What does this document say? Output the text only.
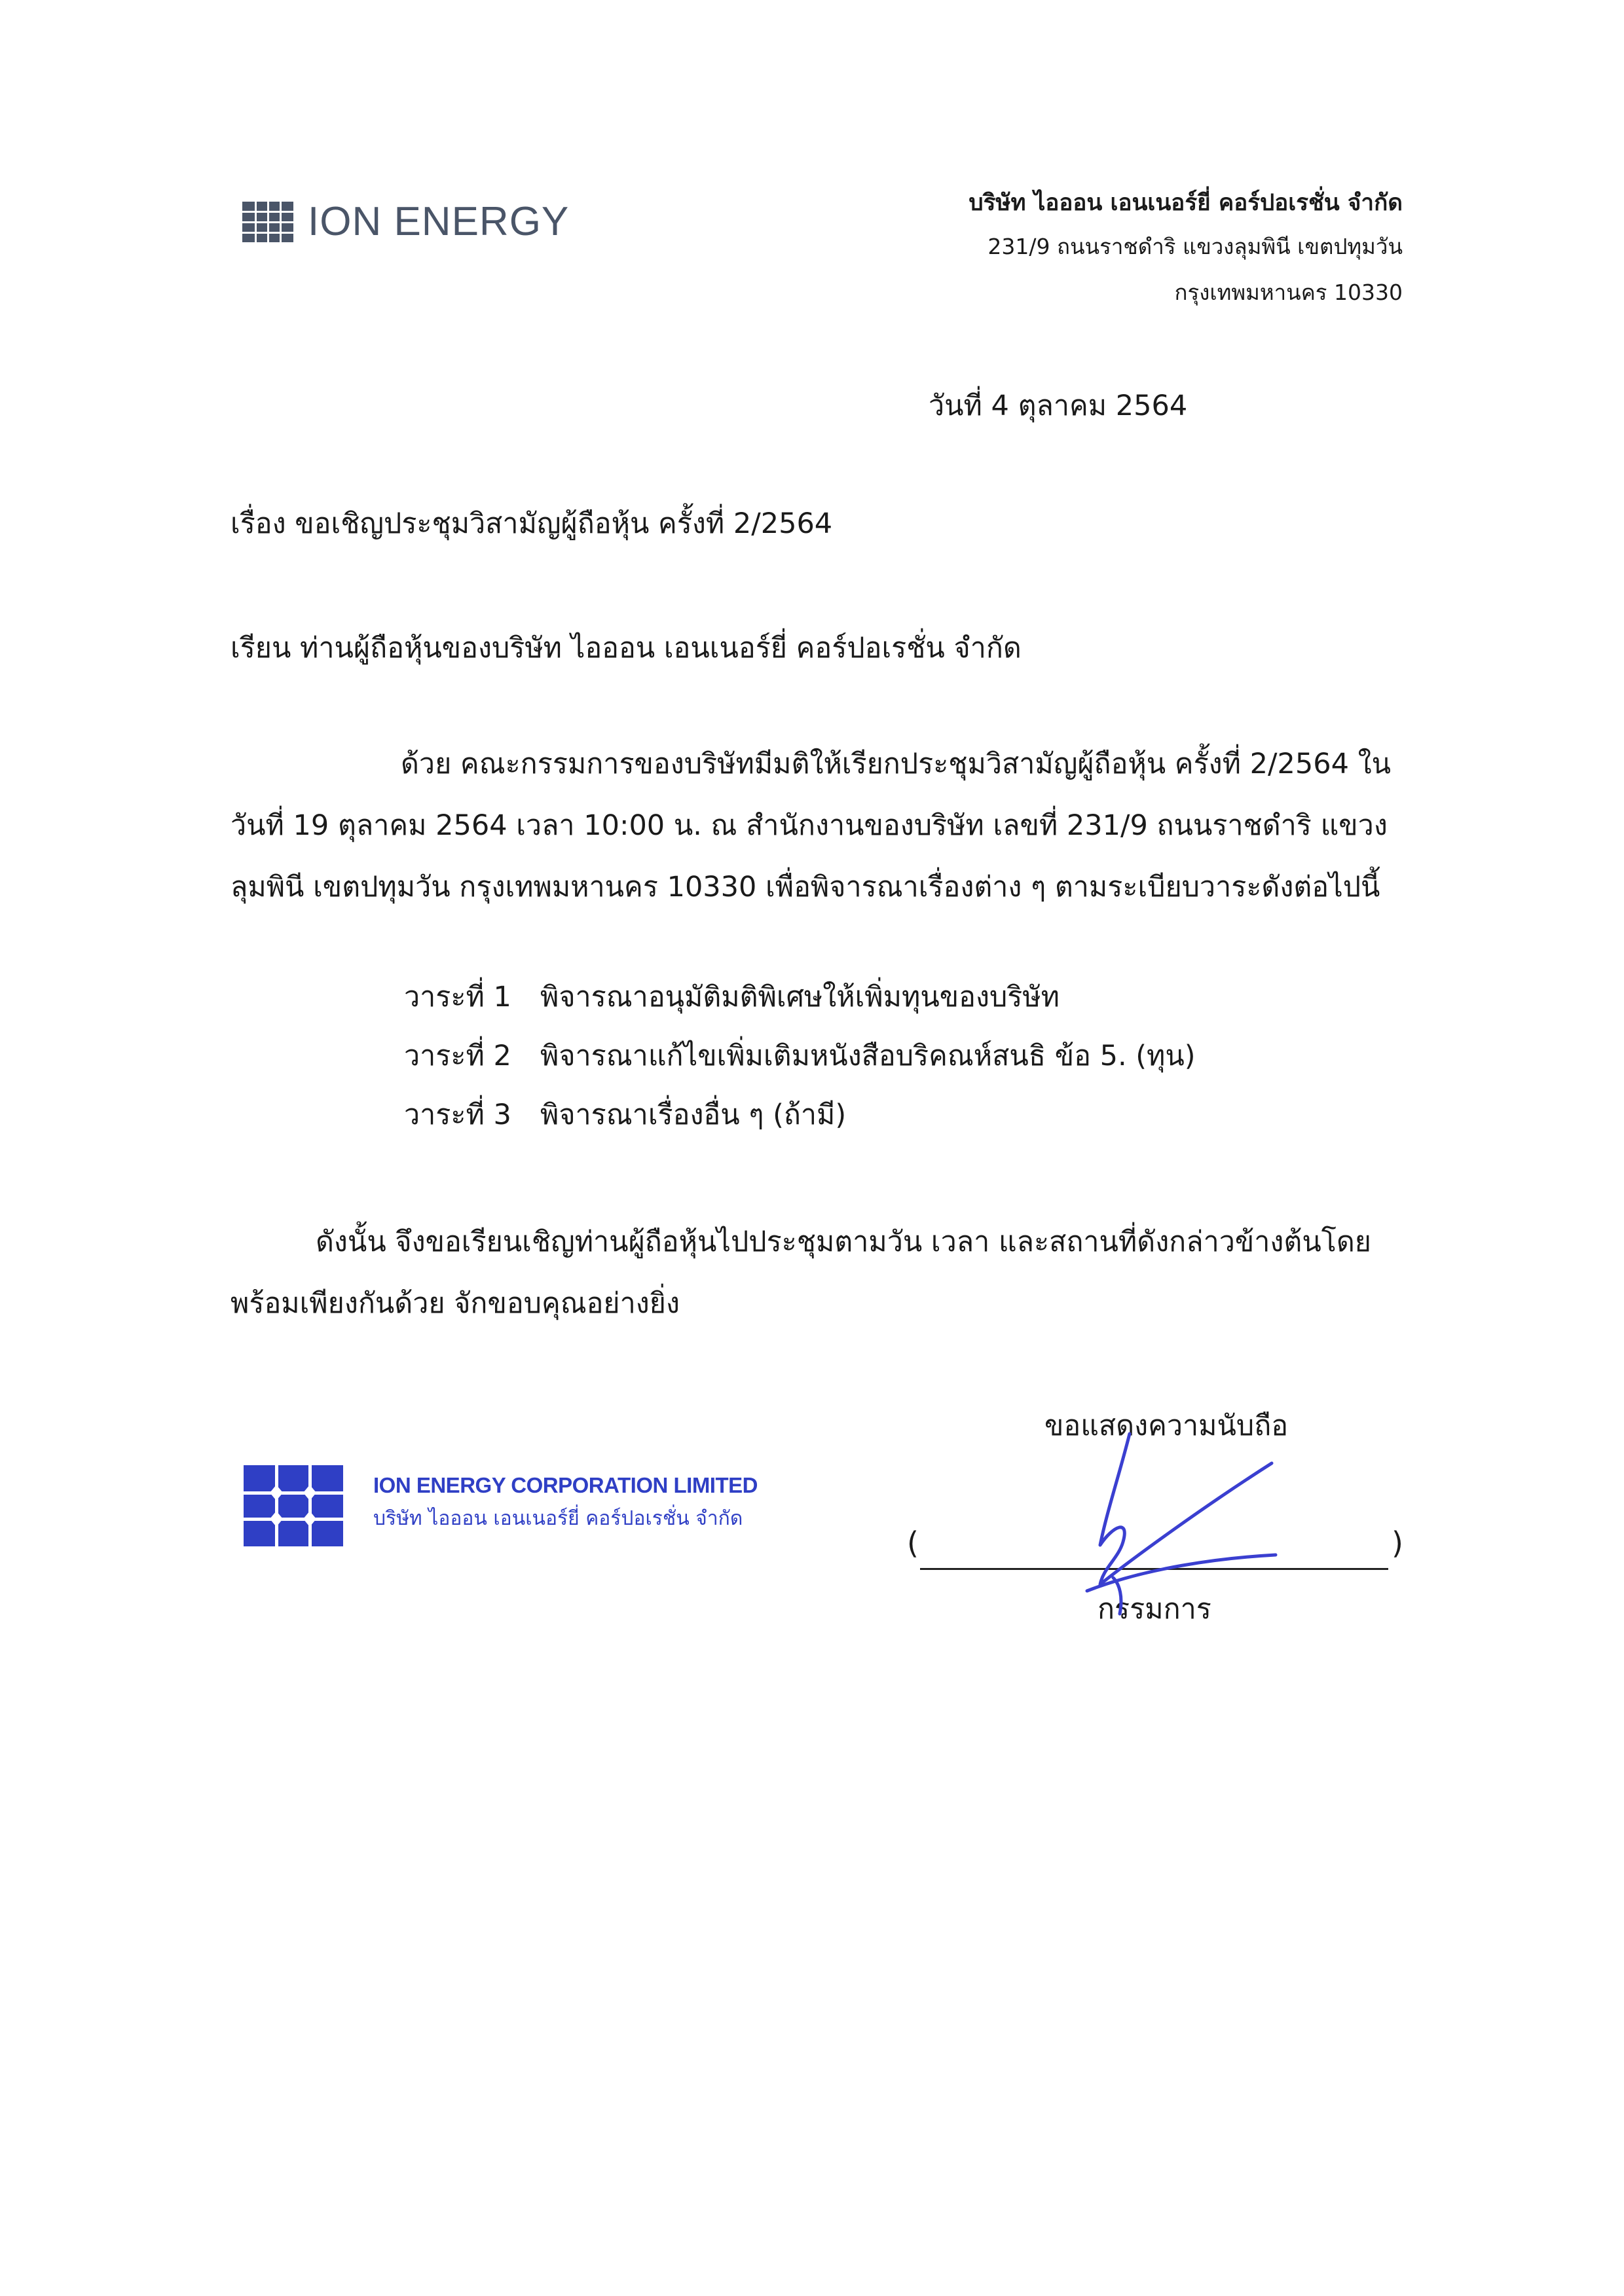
ION ENERGY	บริษัท ไอออน เอนเนอร์ยี่ คอร์ปอเรชั่น จำกัด
231/9 ถนนราชดำริ แขวงลุมพินี เขตปทุมวัน
กรุงเทพมหานคร 10330
วันที่ 4 ตุลาคม 2564
เรื่อง ขอเชิญประชุมวิสามัญผู้ถือหุ้น ครั้งที่ 2/2564
เรียน ท่านผู้ถือหุ้นของบริษัท ไอออน เอนเนอร์ยี่ คอร์ปอเรชั่น จำกัด
ด้วย คณะกรรมการของบริษัทมีมติให้เรียกประชุมวิสามัญผู้ถือหุ้น ครั้งที่ 2/2564 ในวันที่ 19 ตุลาคม 2564 เวลา 10:00 น. ณ สำนักงานของบริษัท เลขที่ 231/9 ถนนราชดำริ แขวงลุมพินี เขตปทุมวัน กรุงเทพมหานคร 10330 เพื่อพิจารณาเรื่องต่าง ๆ ตามระเบียบวาระดังต่อไปนี้
วาระที่ 1 พิจารณาอนุมัติมติพิเศษให้เพิ่มทุนของบริษัท
วาระที่ 2 พิจารณาแก้ไขเพิ่มเติมหนังสือบริคณห์สนธิ ข้อ 5. (ทุน)
วาระที่ 3 พิจารณาเรื่องอื่น ๆ (ถ้ามี)
ดังนั้น จึงขอเรียนเชิญท่านผู้ถือหุ้นไปประชุมตามวัน เวลา และสถานที่ดังกล่าวข้างต้นโดยพร้อมเพียงกันด้วย จักขอบคุณอย่างยิ่ง
ขอแสดงความนับถือ
ION ENERGY CORPORATION LIMITED
บริษัท ไอออน เอนเนอร์ยี่ คอร์ปอเรชั่น จำกัด
(	)
กรรมการ
